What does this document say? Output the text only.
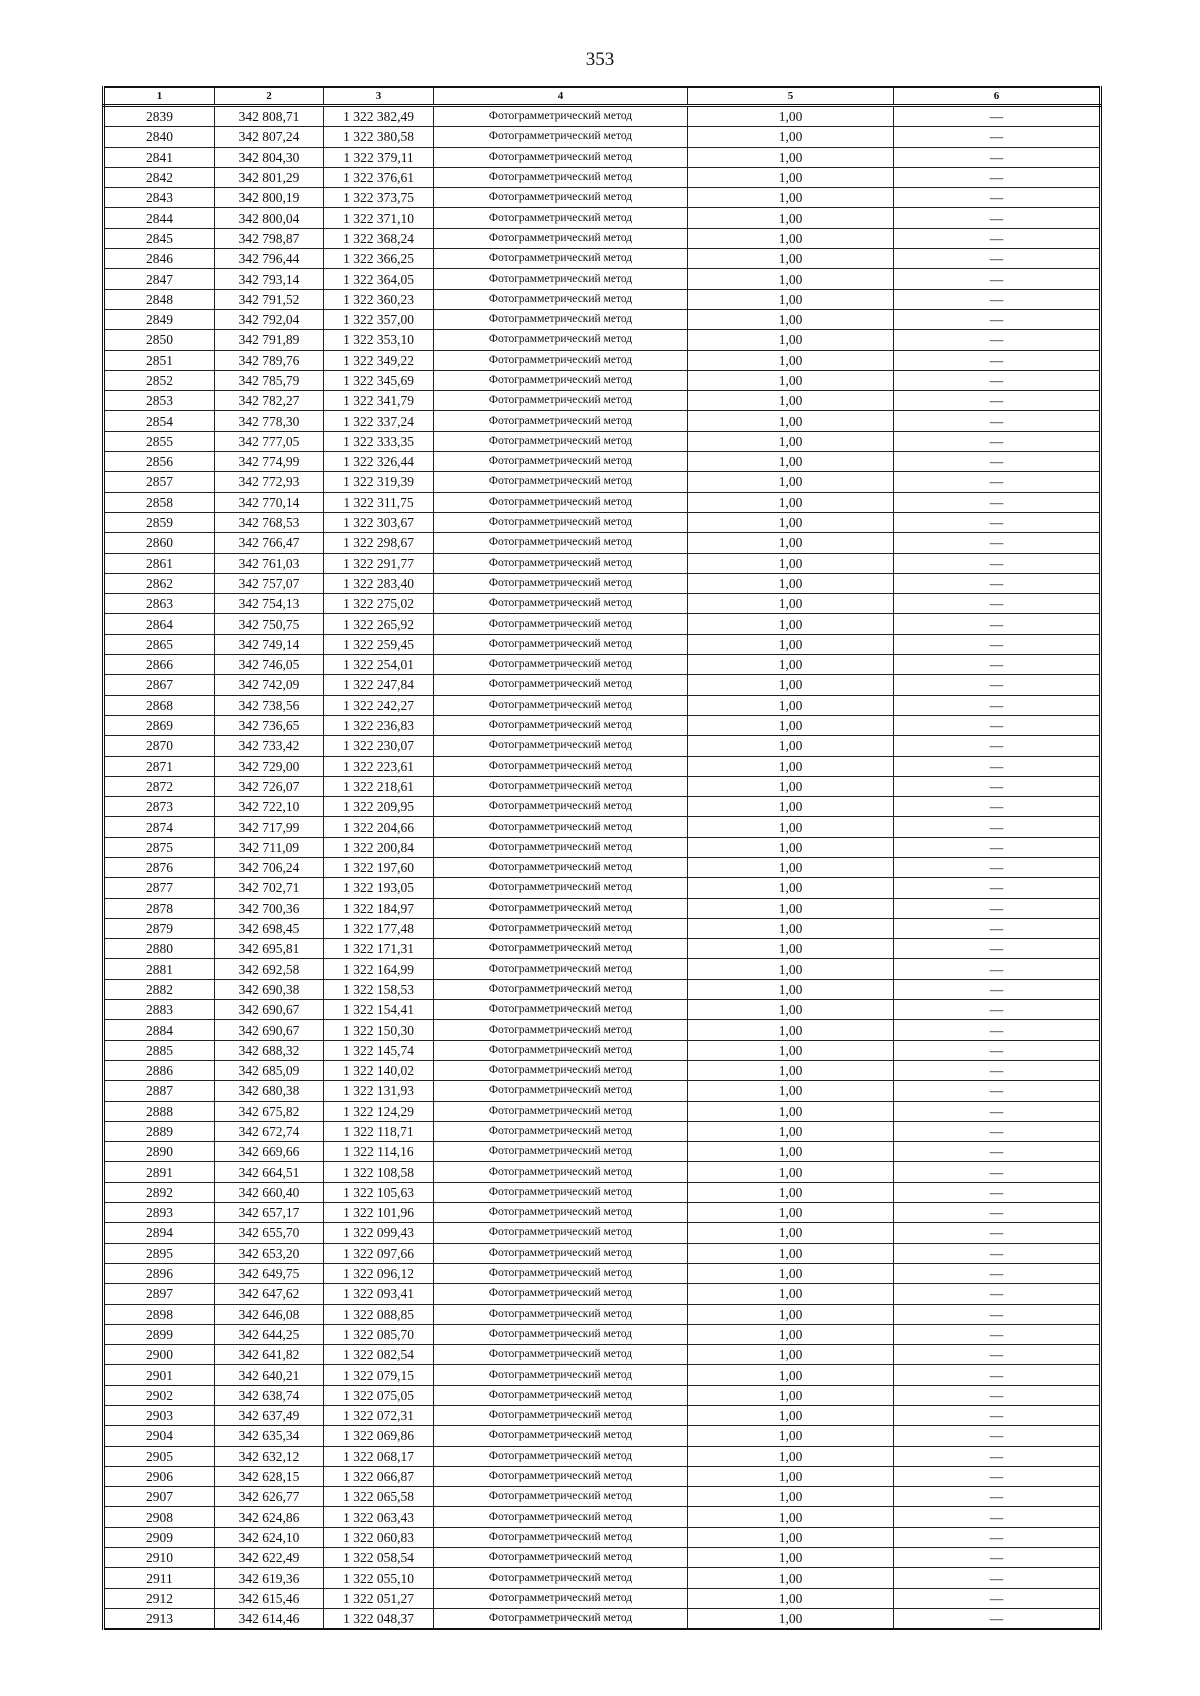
353
1	2	3	4	5	6
2839	342 808,71	1 322 382,49	Фотограмметрический метод	1,00	—
2840	342 807,24	1 322 380,58	Фотограмметрический метод	1,00	—
2841	342 804,30	1 322 379,11	Фотограмметрический метод	1,00	—
2842	342 801,29	1 322 376,61	Фотограмметрический метод	1,00	—
2843	342 800,19	1 322 373,75	Фотограмметрический метод	1,00	—
2844	342 800,04	1 322 371,10	Фотограмметрический метод	1,00	—
2845	342 798,87	1 322 368,24	Фотограмметрический метод	1,00	—
2846	342 796,44	1 322 366,25	Фотограмметрический метод	1,00	—
2847	342 793,14	1 322 364,05	Фотограмметрический метод	1,00	—
2848	342 791,52	1 322 360,23	Фотограмметрический метод	1,00	—
2849	342 792,04	1 322 357,00	Фотограмметрический метод	1,00	—
2850	342 791,89	1 322 353,10	Фотограмметрический метод	1,00	—
2851	342 789,76	1 322 349,22	Фотограмметрический метод	1,00	—
2852	342 785,79	1 322 345,69	Фотограмметрический метод	1,00	—
2853	342 782,27	1 322 341,79	Фотограмметрический метод	1,00	—
2854	342 778,30	1 322 337,24	Фотограмметрический метод	1,00	—
2855	342 777,05	1 322 333,35	Фотограмметрический метод	1,00	—
2856	342 774,99	1 322 326,44	Фотограмметрический метод	1,00	—
2857	342 772,93	1 322 319,39	Фотограмметрический метод	1,00	—
2858	342 770,14	1 322 311,75	Фотограмметрический метод	1,00	—
2859	342 768,53	1 322 303,67	Фотограмметрический метод	1,00	—
2860	342 766,47	1 322 298,67	Фотограмметрический метод	1,00	—
2861	342 761,03	1 322 291,77	Фотограмметрический метод	1,00	—
2862	342 757,07	1 322 283,40	Фотограмметрический метод	1,00	—
2863	342 754,13	1 322 275,02	Фотограмметрический метод	1,00	—
2864	342 750,75	1 322 265,92	Фотограмметрический метод	1,00	—
2865	342 749,14	1 322 259,45	Фотограмметрический метод	1,00	—
2866	342 746,05	1 322 254,01	Фотограмметрический метод	1,00	—
2867	342 742,09	1 322 247,84	Фотограмметрический метод	1,00	—
2868	342 738,56	1 322 242,27	Фотограмметрический метод	1,00	—
2869	342 736,65	1 322 236,83	Фотограмметрический метод	1,00	—
2870	342 733,42	1 322 230,07	Фотограмметрический метод	1,00	—
2871	342 729,00	1 322 223,61	Фотограмметрический метод	1,00	—
2872	342 726,07	1 322 218,61	Фотограмметрический метод	1,00	—
2873	342 722,10	1 322 209,95	Фотограмметрический метод	1,00	—
2874	342 717,99	1 322 204,66	Фотограмметрический метод	1,00	—
2875	342 711,09	1 322 200,84	Фотограмметрический метод	1,00	—
2876	342 706,24	1 322 197,60	Фотограмметрический метод	1,00	—
2877	342 702,71	1 322 193,05	Фотограмметрический метод	1,00	—
2878	342 700,36	1 322 184,97	Фотограмметрический метод	1,00	—
2879	342 698,45	1 322 177,48	Фотограмметрический метод	1,00	—
2880	342 695,81	1 322 171,31	Фотограмметрический метод	1,00	—
2881	342 692,58	1 322 164,99	Фотограмметрический метод	1,00	—
2882	342 690,38	1 322 158,53	Фотограмметрический метод	1,00	—
2883	342 690,67	1 322 154,41	Фотограмметрический метод	1,00	—
2884	342 690,67	1 322 150,30	Фотограмметрический метод	1,00	—
2885	342 688,32	1 322 145,74	Фотограмметрический метод	1,00	—
2886	342 685,09	1 322 140,02	Фотограмметрический метод	1,00	—
2887	342 680,38	1 322 131,93	Фотограмметрический метод	1,00	—
2888	342 675,82	1 322 124,29	Фотограмметрический метод	1,00	—
2889	342 672,74	1 322 118,71	Фотограмметрический метод	1,00	—
2890	342 669,66	1 322 114,16	Фотограмметрический метод	1,00	—
2891	342 664,51	1 322 108,58	Фотограмметрический метод	1,00	—
2892	342 660,40	1 322 105,63	Фотограмметрический метод	1,00	—
2893	342 657,17	1 322 101,96	Фотограмметрический метод	1,00	—
2894	342 655,70	1 322 099,43	Фотограмметрический метод	1,00	—
2895	342 653,20	1 322 097,66	Фотограмметрический метод	1,00	—
2896	342 649,75	1 322 096,12	Фотограмметрический метод	1,00	—
2897	342 647,62	1 322 093,41	Фотограмметрический метод	1,00	—
2898	342 646,08	1 322 088,85	Фотограмметрический метод	1,00	—
2899	342 644,25	1 322 085,70	Фотограмметрический метод	1,00	—
2900	342 641,82	1 322 082,54	Фотограмметрический метод	1,00	—
2901	342 640,21	1 322 079,15	Фотограмметрический метод	1,00	—
2902	342 638,74	1 322 075,05	Фотограмметрический метод	1,00	—
2903	342 637,49	1 322 072,31	Фотограмметрический метод	1,00	—
2904	342 635,34	1 322 069,86	Фотограмметрический метод	1,00	—
2905	342 632,12	1 322 068,17	Фотограмметрический метод	1,00	—
2906	342 628,15	1 322 066,87	Фотограмметрический метод	1,00	—
2907	342 626,77	1 322 065,58	Фотограмметрический метод	1,00	—
2908	342 624,86	1 322 063,43	Фотограмметрический метод	1,00	—
2909	342 624,10	1 322 060,83	Фотограмметрический метод	1,00	—
2910	342 622,49	1 322 058,54	Фотограмметрический метод	1,00	—
2911	342 619,36	1 322 055,10	Фотограмметрический метод	1,00	—
2912	342 615,46	1 322 051,27	Фотограмметрический метод	1,00	—
2913	342 614,46	1 322 048,37	Фотограмметрический метод	1,00	—
